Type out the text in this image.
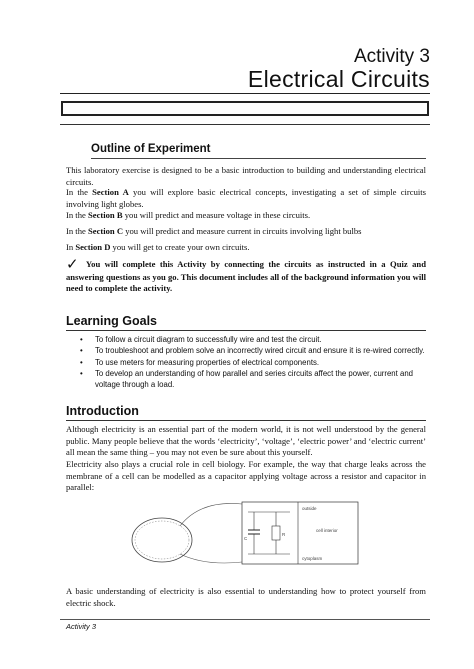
Activity 3
Electrical Circuits
Outline of Experiment
This laboratory exercise is designed to be a basic introduction to building and understanding electrical circuits.
In the Section A you will explore basic electrical concepts, investigating a set of simple circuits involving light globes.
In the Section B you will predict and measure voltage in these circuits.
In the Section C you will predict and measure current in circuits involving light bulbs
In Section D you will get to create your own circuits.
✓ You will complete this Activity by connecting the circuits as instructed in a Quiz and answering questions as you go. This document includes all of the background information you will need to complete the activity.
Learning Goals
• To follow a circuit diagram to successfully wire and test the circuit.
• To troubleshoot and problem solve an incorrectly wired circuit and ensure it is re-wired correctly.
• To use meters for measuring properties of electrical components.
• To develop an understanding of how parallel and series circuits affect the power, current and voltage through a load.
Introduction
Although electricity is an essential part of the modern world, it is not well understood by the general public. Many people believe that the words ‘electricity’, ‘voltage’, ‘electric power’ and ‘electric current’ all mean the same thing – you may not even be sure about this yourself.
Electricity also plays a crucial role in cell biology. For example, the way that charge leaks across the membrane of a cell can be modelled as a capacitor applying voltage across a resistor and capacitor in parallel:
outside
cell interior
cytoplasm
C
R
A basic understanding of electricity is also essential to understanding how to protect yourself from electric shock.
Activity 3
